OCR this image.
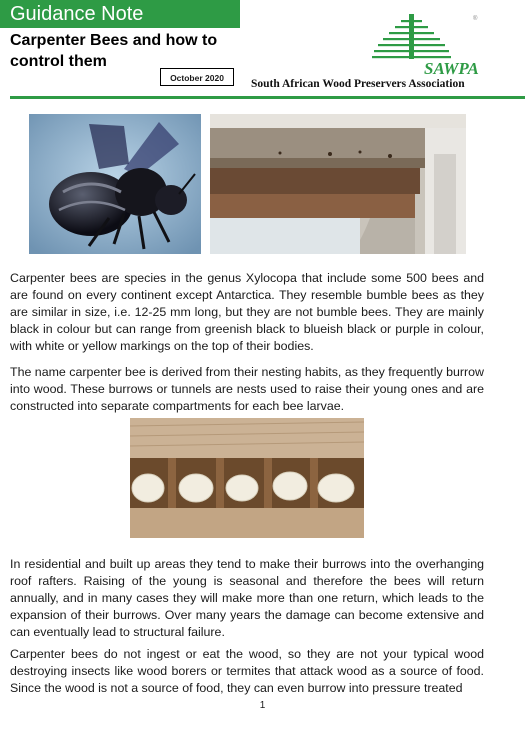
Guidance Note
Carpenter Bees and how to control them
October 2020	SAWPA
®
South African Wood Preservers Association

Carpenter bees are species in the genus Xylocopa that include some 500 bees and are found on every continent except Antarctica. They resemble bumble bees as they are similar in size, i.e. 12-25 mm long, but they are not bumble bees. They are mainly black in colour but can range from greenish black to blueish black or purple in colour, with white or yellow markings on the top of their bodies.

The name carpenter bee is derived from their nesting habits, as they frequently burrow into wood. These burrows or tunnels are nests used to raise their young ones and are constructed into separate compartments for each bee larvae.

In residential and built up areas they tend to make their burrows into the overhanging roof rafters. Raising of the young is seasonal and therefore the bees will return annually, and in many cases they will make more than one return, which leads to the expansion of their burrows. Over many years the damage can become extensive and can eventually lead to structural failure.

Carpenter bees do not ingest or eat the wood, so they are not your typical wood destroying insects like wood borers or termites that attack wood as a source of food. Since the wood is not a source of food, they can even burrow into pressure treated

1
